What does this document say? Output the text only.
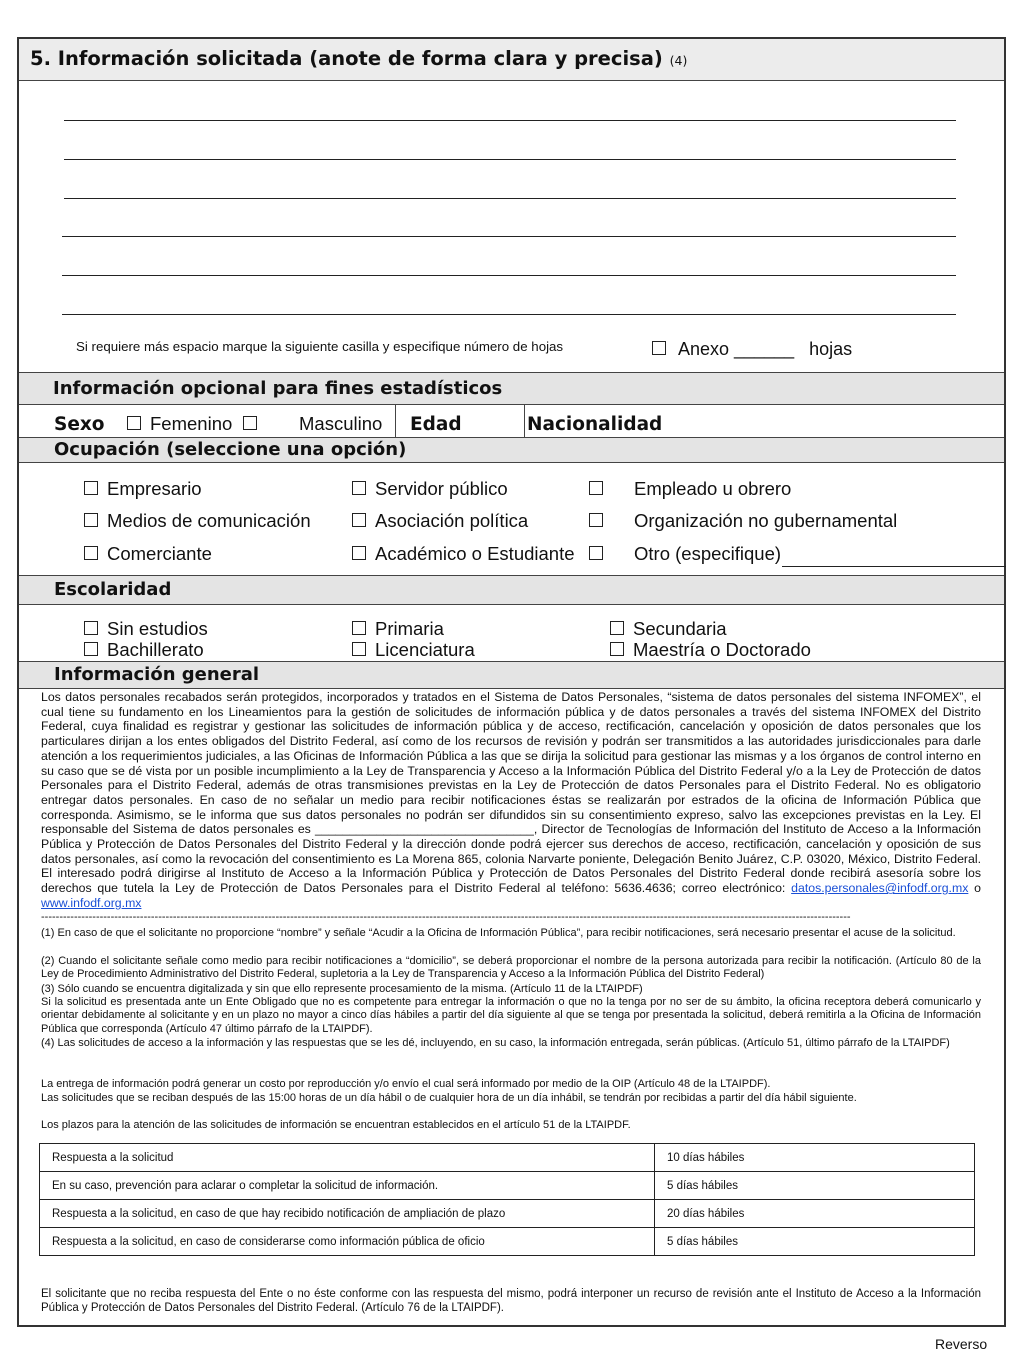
5. Información solicitada (anote de forma clara y precisa) (4)
Si requiere más espacio marque la siguiente casilla y especifique número de hojas	Anexo ______ hojas
Información opcional para fines estadísticos
Sexo	Femenino	Masculino Edad	Nacionalidad
Ocupación (seleccione una opción)
Empresario	Servidor público	Empleado u obrero
Medios de comunicación	Asociación política	Organización no gubernamental
Comerciante	Académico o Estudiante	Otro (especifique)
Escolaridad
Sin estudios	Primaria	Secundaria
Bachillerato	Licenciatura	Maestría o Doctorado
Información general
Los datos personales recabados serán protegidos, incorporados y tratados en el Sistema de Datos Personales, “sistema de datos personales del sistema INFOMEX”, el cual tiene su fundamento en los Lineamientos para la gestión de solicitudes de información pública y de datos personales a través del sistema INFOMEX del Distrito Federal, cuya finalidad es registrar y gestionar las solicitudes de información pública y de acceso, rectificación, cancelación y oposición de datos personales que los particulares dirijan a los entes obligados del Distrito Federal, así como de los recursos de revisión y podrán ser transmitidos a las autoridades jurisdiccionales para darle atención a los requerimientos judiciales, a las Oficinas de Información Pública a las que se dirija la solicitud para gestionar las mismas y a los órganos de control interno en su caso que se dé vista por un posible incumplimiento a la Ley de Transparencia y Acceso a la Información Pública del Distrito Federal y/o a la Ley de Protección de datos Personales para el Distrito Federal, además de otras transmisiones previstas en la Ley de Protección de datos Personales para el Distrito Federal. No es obligatorio entregar datos personales. En caso de no señalar un medio para recibir notificaciones éstas se realizarán por estrados de la oficina de Información Pública que corresponda. Asimismo, se le informa que sus datos personales no podrán ser difundidos sin su consentimiento expreso, salvo las excepciones previstas en la Ley. El responsable del Sistema de datos personales es ________________________________, Director de Tecnologías de Información del Instituto de Acceso a la Información Pública y Protección de Datos Personales del Distrito Federal y la dirección donde podrá ejercer sus derechos de acceso, rectificación, cancelación y oposición de sus datos personales, así como la revocación del consentimiento es La Morena 865, colonia Narvarte poniente, Delegación Benito Juárez, C.P. 03020, México, Distrito Federal. El interesado podrá dirigirse al Instituto de Acceso a la Información Pública y Protección de Datos Personales del Distrito Federal donde recibirá asesoría sobre los derechos que tutela la Ley de Protección de Datos Personales para el Distrito Federal al teléfono: 5636.4636; correo electrónico: datos.personales@infodf.org.mx o www.infodf.org.mx
-----------------------------------------------------------------------------------------------------------------------------------------------------------------------------------------------------------------------------
(1) En caso de que el solicitante no proporcione “nombre” y señale “Acudir a la Oficina de Información Pública”, para recibir notificaciones, será necesario presentar el acuse de la solicitud.
(2) Cuando el solicitante señale como medio para recibir notificaciones a “domicilio”, se deberá proporcionar el nombre de la persona autorizada para recibir la notificación. (Artículo 80 de la Ley de Procedimiento Administrativo del Distrito Federal, supletoria a la Ley de Transparencia y Acceso a la Información Pública del Distrito Federal)
(3) Sólo cuando se encuentra digitalizada y sin que ello represente procesamiento de la misma. (Artículo 11 de la LTAIPDF)
Si la solicitud es presentada ante un Ente Obligado que no es competente para entregar la información o que no la tenga por no ser de su ámbito, la oficina receptora deberá comunicarlo y orientar debidamente al solicitante y en un plazo no mayor a cinco días hábiles a partir del día siguiente al que se tenga por presentada la solicitud, deberá remitirla a la Oficina de Información Pública que corresponda (Artículo 47 último párrafo de la LTAIPDF).
(4) Las solicitudes de acceso a la información y las respuestas que se les dé, incluyendo, en su caso, la información entregada, serán públicas. (Artículo 51, último párrafo de la LTAIPDF)
La entrega de información podrá generar un costo por reproducción y/o envío el cual será informado por medio de la OIP (Artículo 48 de la LTAIPDF).
Las solicitudes que se reciban después de las 15:00 horas de un día hábil o de cualquier hora de un día inhábil, se tendrán por recibidas a partir del día hábil siguiente.
Los plazos para la atención de las solicitudes de información se encuentran establecidos en el artículo 51 de la LTAIPDF.
Respuesta a la solicitud	10 días hábiles
En su caso, prevención para aclarar o completar la solicitud de información.	5 días hábiles
Respuesta a la solicitud, en caso de que hay recibido notificación de ampliación de plazo	20 días hábiles
Respuesta a la solicitud, en caso de considerarse como información pública de oficio	5 días hábiles
El solicitante que no reciba respuesta del Ente o no éste conforme con las respuesta del mismo, podrá interponer un recurso de revisión ante el Instituto de Acceso a la Información Pública y Protección de Datos Personales del Distrito Federal. (Artículo 76 de la LTAIPDF).
Reverso
